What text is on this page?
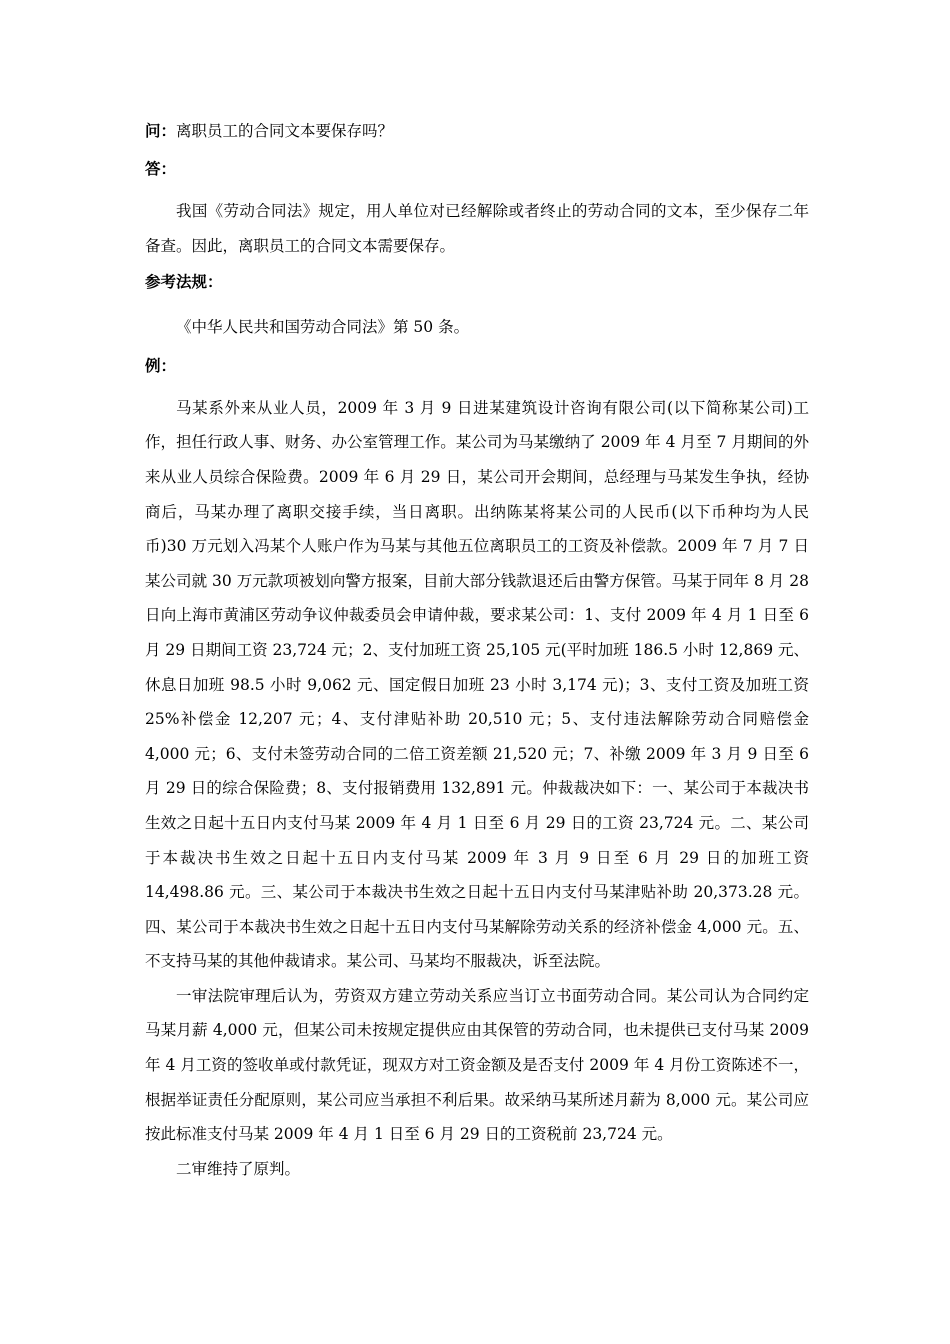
问：离职员工的合同文本要保存吗？

答：

我国《劳动合同法》规定，用人单位对已经解除或者终止的劳动合同的文本，至少保存二年备查。因此，离职员工的合同文本需要保存。

参考法规：

《中华人民共和国劳动合同法》第 50 条。

例：

马某系外来从业人员，2009 年 3 月 9 日进某建筑设计咨询有限公司(以下简称某公司)工作，担任行政人事、财务、办公室管理工作。某公司为马某缴纳了 2009 年 4 月至 7 月期间的外来从业人员综合保险费。2009 年 6 月 29 日，某公司开会期间，总经理与马某发生争执，经协商后，马某办理了离职交接手续，当日离职。出纳陈某将某公司的人民币(以下币种均为人民币)30 万元划入冯某个人账户作为马某与其他五位离职员工的工资及补偿款。2009 年 7 月 7 日某公司就 30 万元款项被划向警方报案，目前大部分钱款退还后由警方保管。马某于同年 8 月 28 日向上海市黄浦区劳动争议仲裁委员会申请仲裁，要求某公司：1、支付 2009 年 4 月 1 日至 6 月 29 日期间工资 23,724 元；2、支付加班工资 25,105 元(平时加班 186.5 小时 12,869 元、休息日加班 98.5 小时 9,062 元、国定假日加班 23 小时 3,174 元)；3、支付工资及加班工资 25%补偿金 12,207 元；4、支付津贴补助 20,510 元；5、支付违法解除劳动合同赔偿金 4,000 元；6、支付未签劳动合同的二倍工资差额 21,520 元；7、补缴 2009 年 3 月 9 日至 6 月 29 日的综合保险费；8、支付报销费用 132,891 元。仲裁裁决如下：一、某公司于本裁决书生效之日起十五日内支付马某 2009 年 4 月 1 日至 6 月 29 日的工资 23,724 元。二、某公司于本裁决书生效之日起十五日内支付马某 2009 年 3 月 9 日至 6 月 29 日的加班工资 14,498.86 元。三、某公司于本裁决书生效之日起十五日内支付马某津贴补助 20,373.28 元。四、某公司于本裁决书生效之日起十五日内支付马某解除劳动关系的经济补偿金 4,000 元。五、不支持马某的其他仲裁请求。某公司、马某均不服裁决，诉至法院。

一审法院审理后认为，劳资双方建立劳动关系应当订立书面劳动合同。某公司认为合同约定马某月薪 4,000 元，但某公司未按规定提供应由其保管的劳动合同，也未提供已支付马某 2009 年 4 月工资的签收单或付款凭证，现双方对工资金额及是否支付 2009 年 4 月份工资陈述不一，根据举证责任分配原则，某公司应当承担不利后果。故采纳马某所述月薪为 8,000 元。某公司应按此标准支付马某 2009 年 4 月 1 日至 6 月 29 日的工资税前 23,724 元。

二审维持了原判。
